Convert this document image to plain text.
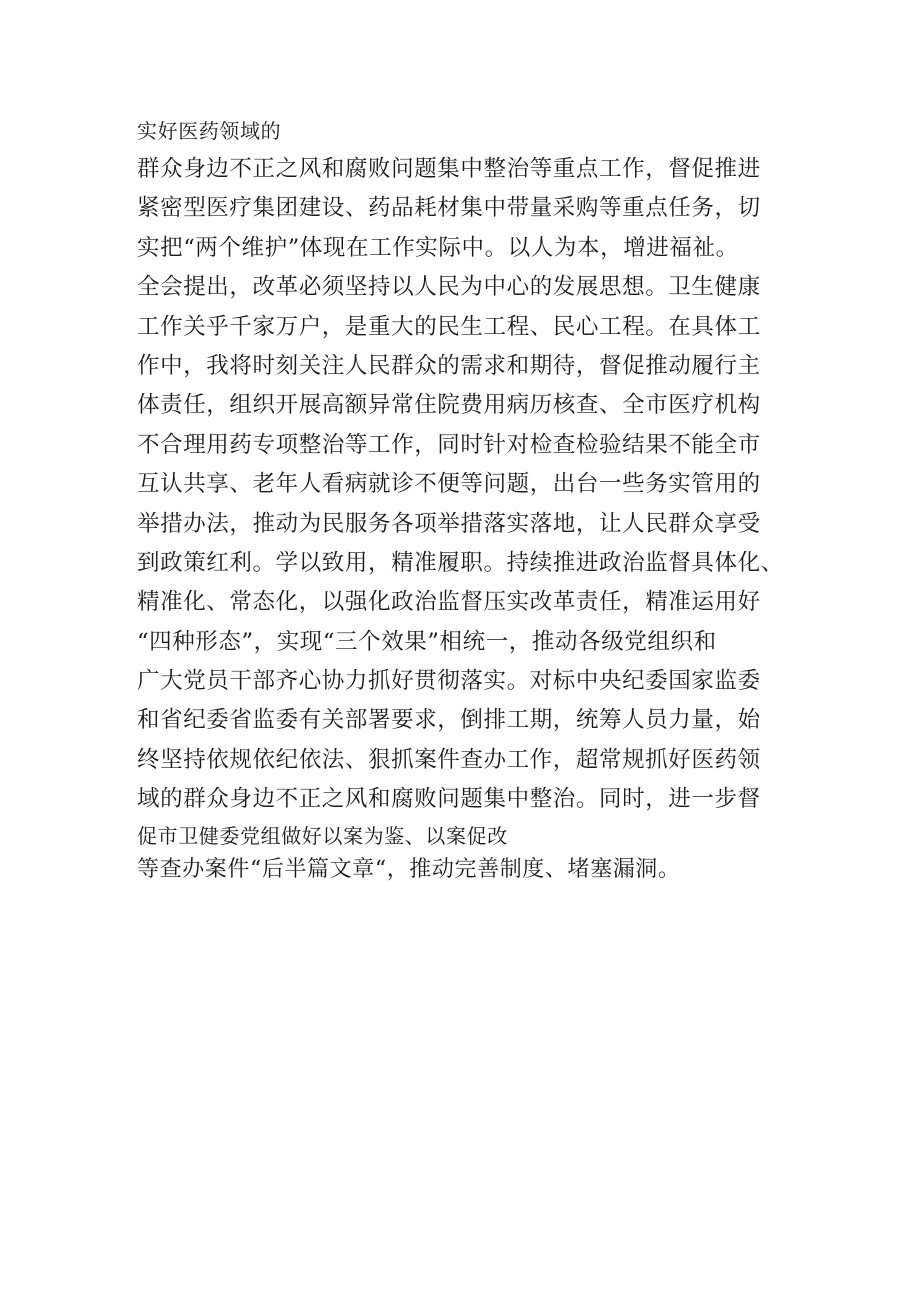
实好医药领域的
群众身边不正之风和腐败问题集中整治等重点工作，督促推进
紧密型医疗集团建设、药品耗材集中带量采购等重点任务，切
实把“两个维护”体现在工作实际中。以人为本，增进福祉。
全会提出，改革必须坚持以人民为中心的发展思想。卫生健康
工作关乎千家万户，是重大的民生工程、民心工程。在具体工
作中，我将时刻关注人民群众的需求和期待，督促推动履行主
体责任，组织开展高额异常住院费用病历核查、全市医疗机构
不合理用药专项整治等工作，同时针对检查检验结果不能全市
互认共享、老年人看病就诊不便等问题，出台一些务实管用的
举措办法，推动为民服务各项举措落实落地，让人民群众享受
到政策红利。学以致用，精准履职。持续推进政治监督具体化、
精准化、常态化，以强化政治监督压实改革责任，精准运用好
“四种形态”，实现“三个效果”相统一，推动各级党组织和
广大党员干部齐心协力抓好贯彻落实。对标中央纪委国家监委
和省纪委省监委有关部署要求，倒排工期，统筹人员力量，始
终坚持依规依纪依法、狠抓案件查办工作，超常规抓好医药领
域的群众身边不正之风和腐败问题集中整治。同时，进一步督
促市卫健委党组做好以案为鉴、以案促改
等查办案件“后半篇文章“，推动完善制度、堵塞漏洞。
